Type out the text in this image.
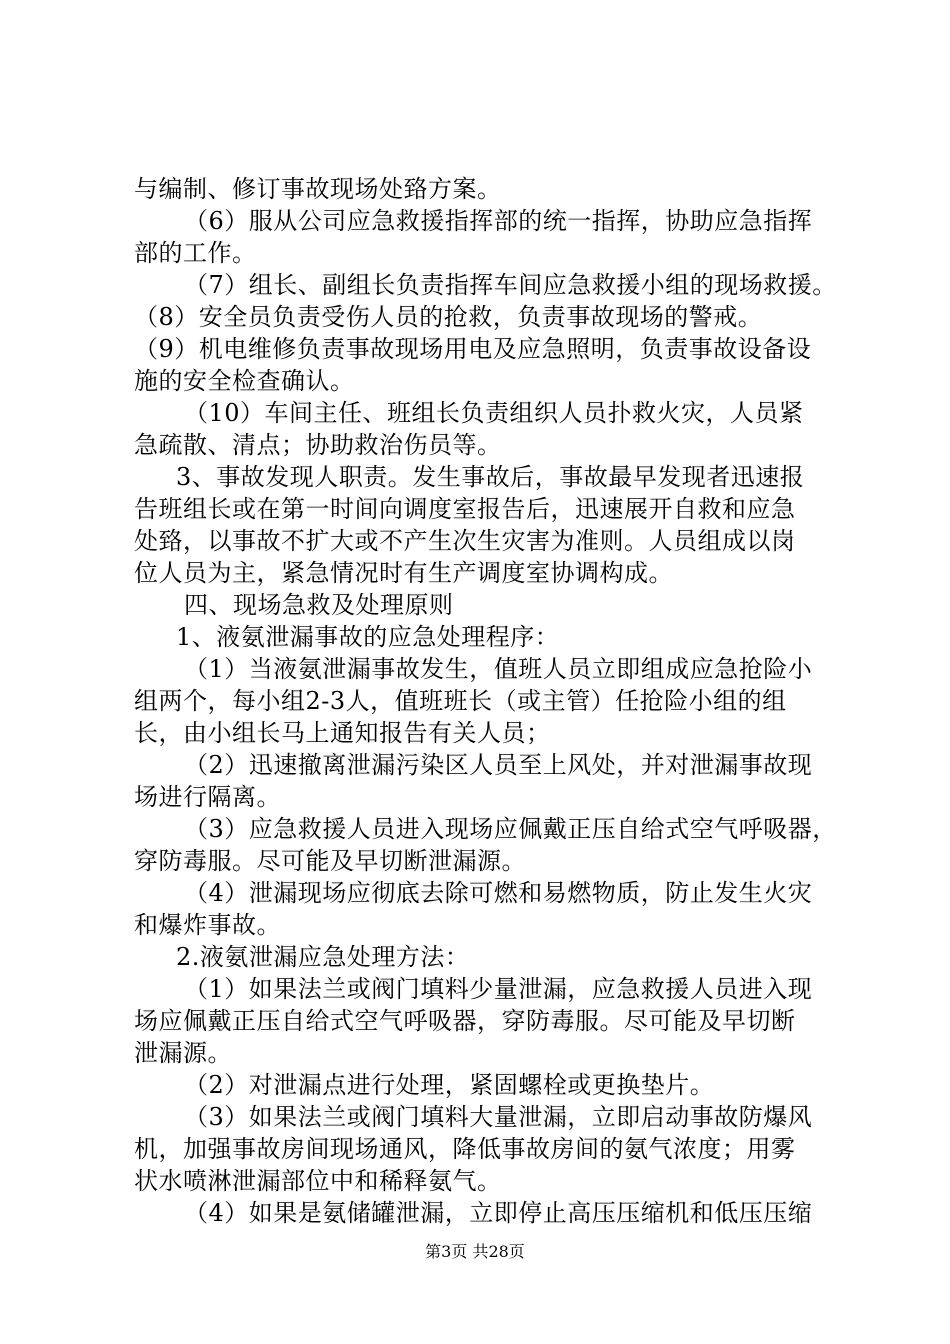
与编制、修订事故现场处臵方案。
（6）服从公司应急救援指挥部的统一指挥，协助应急指挥
部的工作。
（7）组长、副组长负责指挥车间应急救援小组的现场救援。
（8）安全员负责受伤人员的抢救，负责事故现场的警戒。
（9）机电维修负责事故现场用电及应急照明，负责事故设备设
施的安全检查确认。
（10）车间主任、班组长负责组织人员扑救火灾，人员紧
急疏散、清点；协助救治伤员等。
3、事故发现人职责。发生事故后，事故最早发现者迅速报
告班组长或在第一时间向调度室报告后，迅速展开自救和应急
处臵，以事故不扩大或不产生次生灾害为准则。人员组成以岗
位人员为主，紧急情况时有生产调度室协调构成。
四、现场急救及处理原则
1、液氨泄漏事故的应急处理程序：
（1）当液氨泄漏事故发生，值班人员立即组成应急抢险小
组两个，每小组2-3人，值班班长（或主管）任抢险小组的组
长，由小组长马上通知报告有关人员；
（2）迅速撤离泄漏污染区人员至上风处，并对泄漏事故现
场进行隔离。
（3）应急救援人员进入现场应佩戴正压自给式空气呼吸器，
穿防毒服。尽可能及早切断泄漏源。
（4）泄漏现场应彻底去除可燃和易燃物质，防止发生火灾
和爆炸事故。
2.液氨泄漏应急处理方法：
（1）如果法兰或阀门填料少量泄漏，应急救援人员进入现
场应佩戴正压自给式空气呼吸器，穿防毒服。尽可能及早切断
泄漏源。
（2）对泄漏点进行处理，紧固螺栓或更换垫片。
（3）如果法兰或阀门填料大量泄漏，立即启动事故防爆风
机，加强事故房间现场通风，降低事故房间的氨气浓度；用雾
状水喷淋泄漏部位中和稀释氨气。
（4）如果是氨储罐泄漏，立即停止高压压缩机和低压压缩
第3页 共28页
